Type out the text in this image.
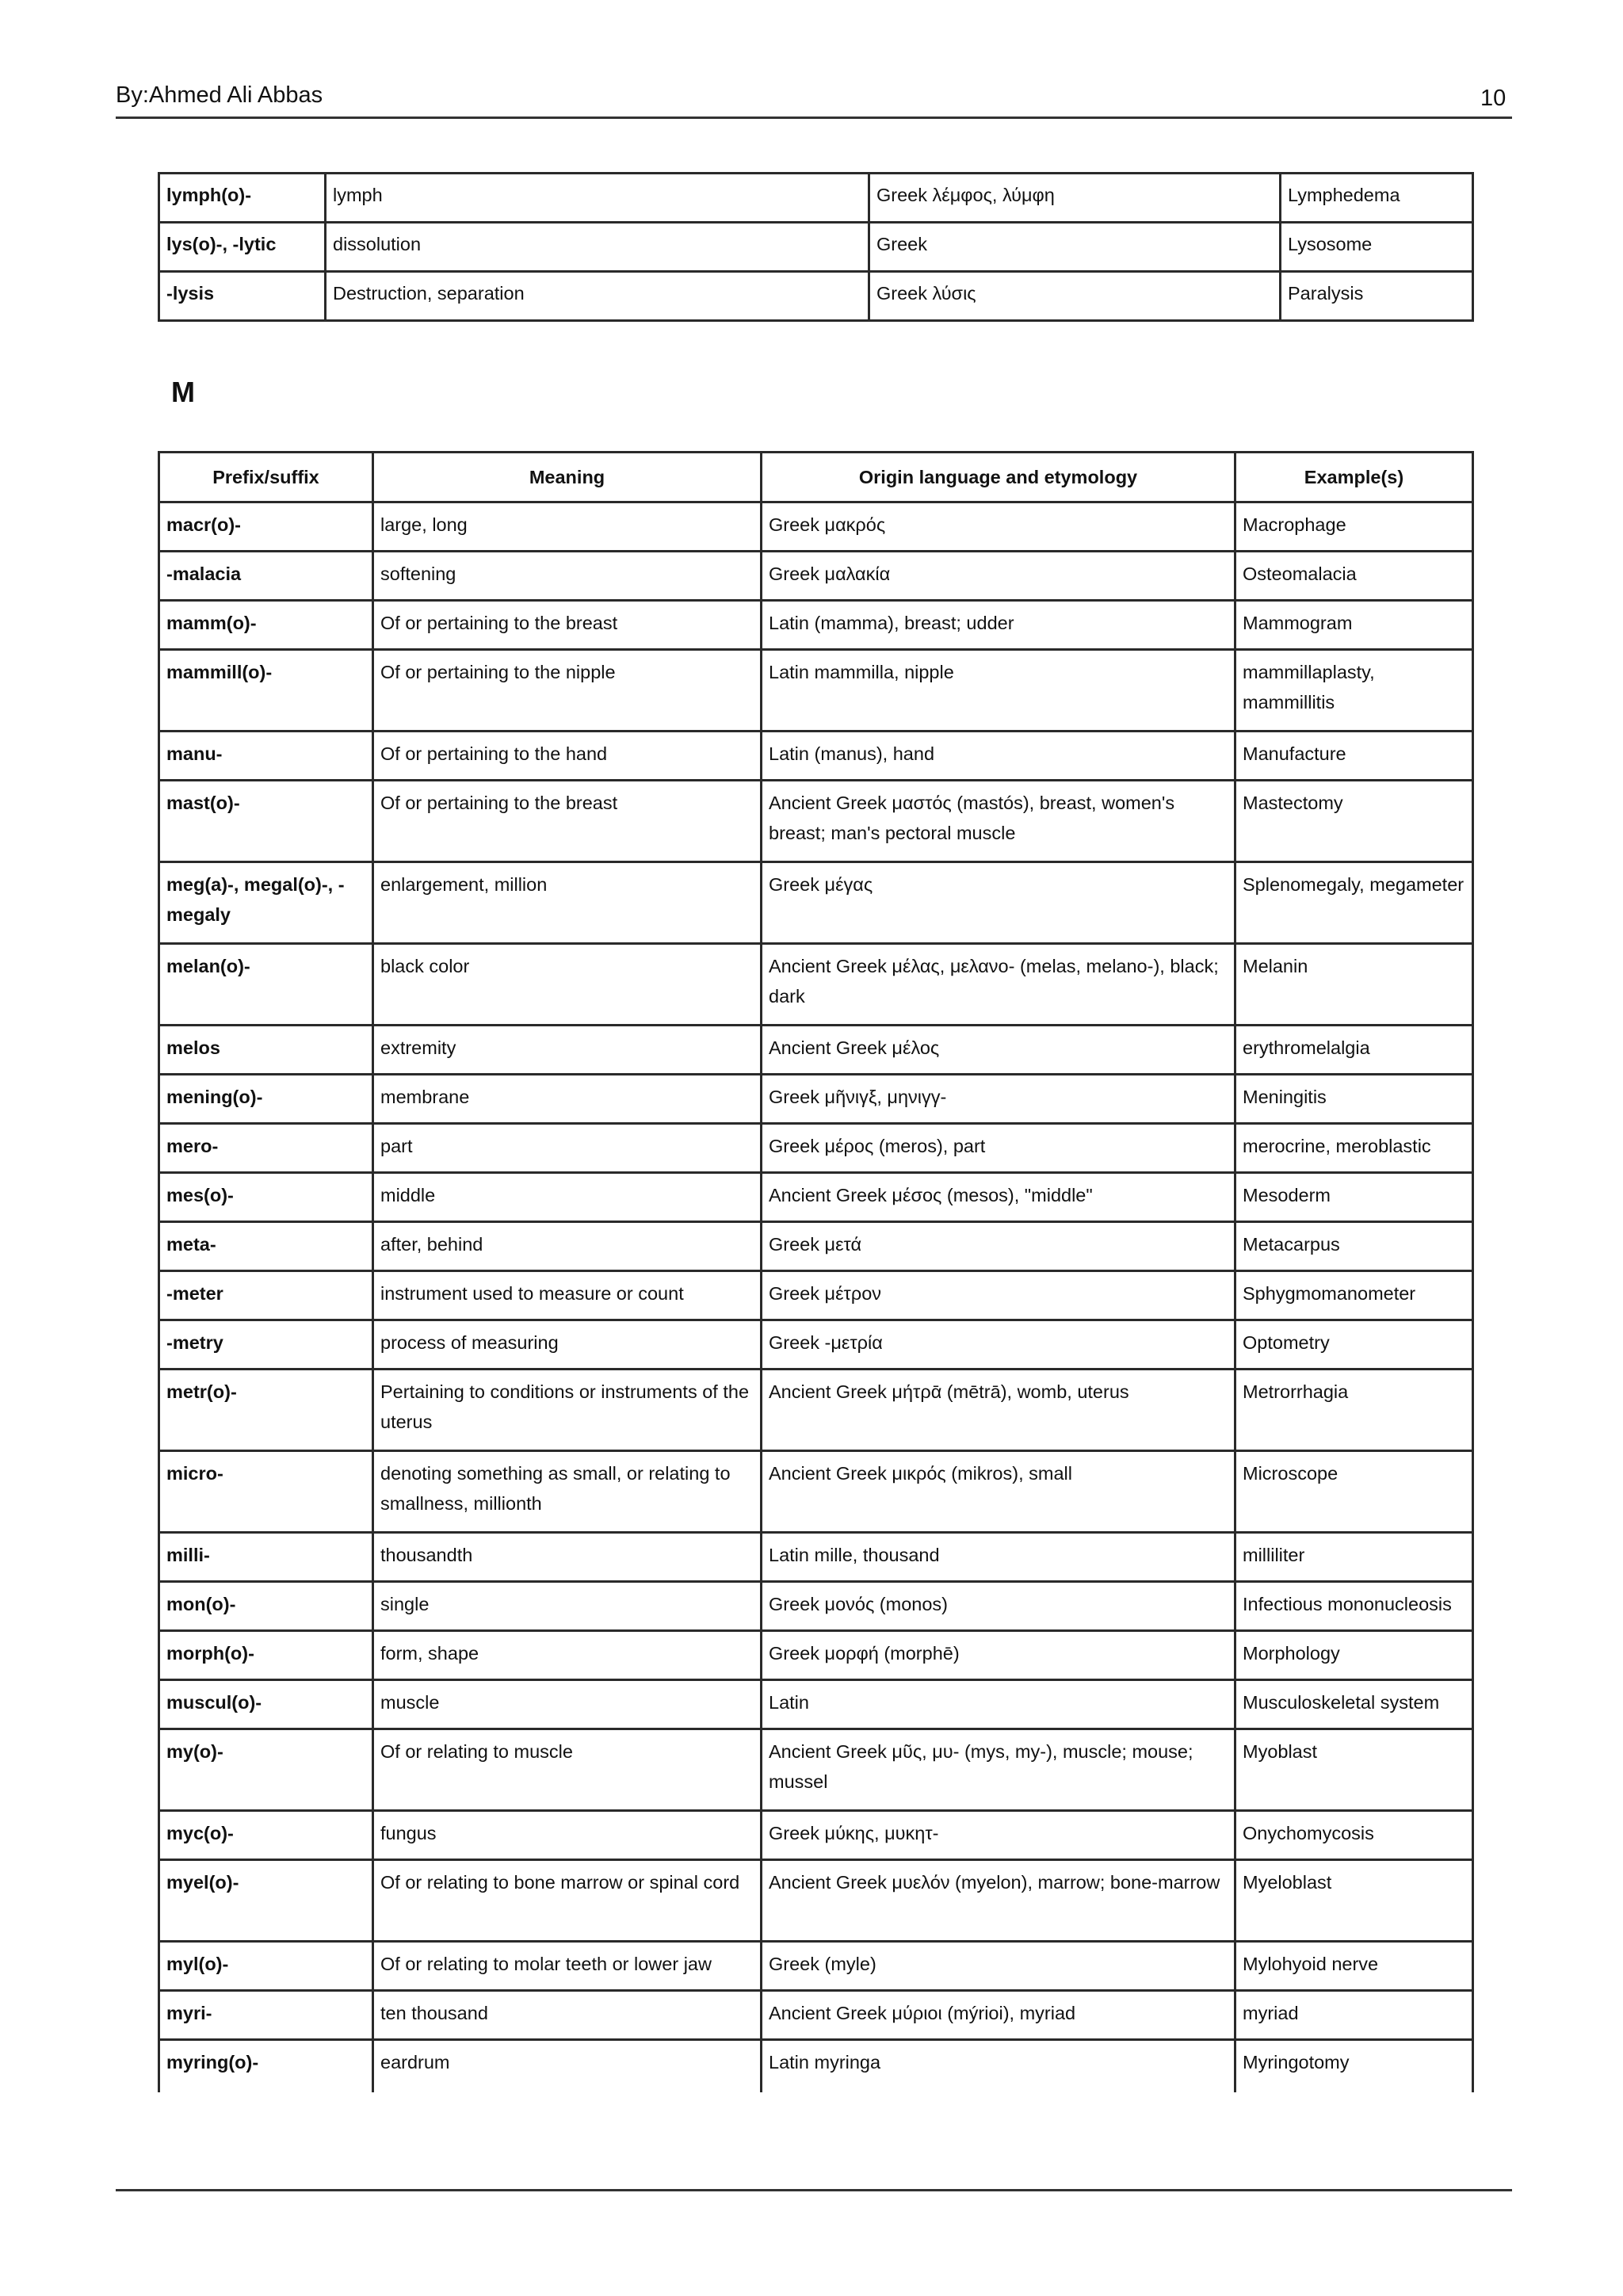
By:Ahmed Ali Abbas	10
lymph(o)-	lymph	Greek λέμφος, λύμφη	Lymphedema
lys(o)-, -lytic	dissolution	Greek	Lysosome
-lysis	Destruction, separation	Greek λύσις	Paralysis
M
Prefix/suffix	Meaning	Origin language and etymology	Example(s)
macr(o)-	large, long	Greek μακρός	Macrophage
-malacia	softening	Greek μαλακία	Osteomalacia
mamm(o)-	Of or pertaining to the breast	Latin (mamma), breast; udder	Mammogram
mammill(o)-	Of or pertaining to the nipple	Latin mammilla, nipple	mammillaplasty, mammillitis
manu-	Of or pertaining to the hand	Latin (manus), hand	Manufacture
mast(o)-	Of or pertaining to the breast	Ancient Greek μαστός (mastós), breast, women's breast; man's pectoral muscle	Mastectomy
meg(a)-, megal(o)-, -megaly	enlargement, million	Greek μέγας	Splenomegaly, megameter
melan(o)-	black color	Ancient Greek μέλας, μελανο- (melas, melano-), black; dark	Melanin
melos	extremity	Ancient Greek μέλος	erythromelalgia
mening(o)-	membrane	Greek μῆνιγξ, μηνιγγ-	Meningitis
mero-	part	Greek μέρος (meros), part	merocrine, meroblastic
mes(o)-	middle	Ancient Greek μέσος (mesos), "middle"	Mesoderm
meta-	after, behind	Greek μετά	Metacarpus
-meter	instrument used to measure or count	Greek μέτρον	Sphygmomanometer
-metry	process of measuring	Greek -μετρία	Optometry
metr(o)-	Pertaining to conditions or instruments of the uterus	Ancient Greek μήτρᾱ (mētrā), womb, uterus	Metrorrhagia
micro-	denoting something as small, or relating to smallness, millionth	Ancient Greek μικρός (mikros), small	Microscope
milli-	thousandth	Latin mille, thousand	milliliter
mon(o)-	single	Greek μονός (monos)	Infectious mononucleosis
morph(o)-	form, shape	Greek μορφή (morphē)	Morphology
muscul(o)-	muscle	Latin	Musculoskeletal system
my(o)-	Of or relating to muscle	Ancient Greek μῦς, μυ- (mys, my-), muscle; mouse; mussel	Myoblast
myc(o)-	fungus	Greek μύκης, μυκητ-	Onychomycosis
myel(o)-	Of or relating to bone marrow or spinal cord	Ancient Greek μυελόν (myelon), marrow; bone-marrow	Myeloblast
myl(o)-	Of or relating to molar teeth or lower jaw	Greek (myle)	Mylohyoid nerve
myri-	ten thousand	Ancient Greek μύριοι (mýrioi), myriad	myriad
myring(o)-	eardrum	Latin myringa	Myringotomy
